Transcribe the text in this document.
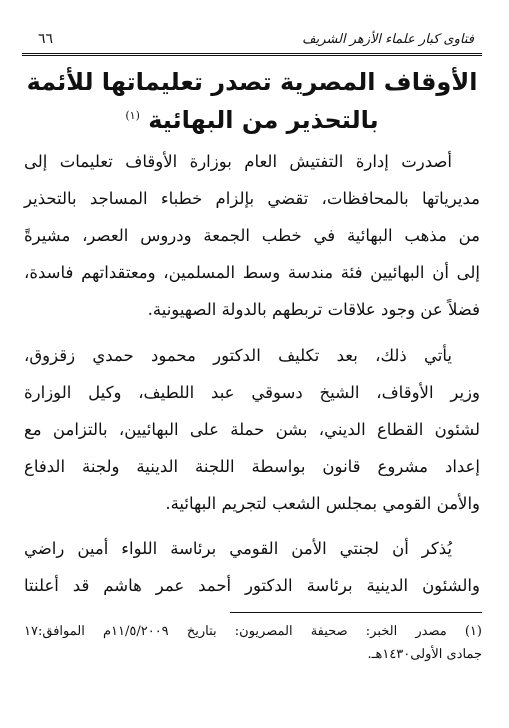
فتاوى كبار علماء الأزهر الشريف
٦٦
الأوقاف المصرية تصدر تعليماتها للأئمة
بالتحذير من البهائية $^{(١)}$
أصدرت إدارة التفتيش العام بوزارة الأوقاف تعليمات إلى
مديرياتها بالمحافظات، تقضي بإلزام خطباء المساجد بالتحذير
من مذهب البهائية في خطب الجمعة ودروس العصر، مشيرةً
إلى أن البهائيين فئة مندسة وسط المسلمين، ومعتقداتهم فاسدة،
فضلاً عن وجود علاقات تربطهم بالدولة الصهيونية.
يأتي ذلك، بعد تكليف الدكتور محمود حمدي زقزوق،
وزير الأوقاف، الشيخ دسوقي عبد اللطيف، وكيل الوزارة
لشئون القطاع الديني، بشن حملة على البهائيين، بالتزامن مع
إعداد مشروع قانون بواسطة اللجنة الدينية ولجنة الدفاع
والأمن القومي بمجلس الشعب لتجريم البهائية.
يُذكر أن لجنتي الأمن القومي برئاسة اللواء أمين راضي
والشئون الدينية برئاسة الدكتور أحمد عمر هاشم قد أعلنتا
(١) مصدر الخبر: صحيفة المصريون: بتاريخ ١١/٥/٢٠٠٩م الموافق:١٧
جمادى الأولى١٤٣٠هـ.
